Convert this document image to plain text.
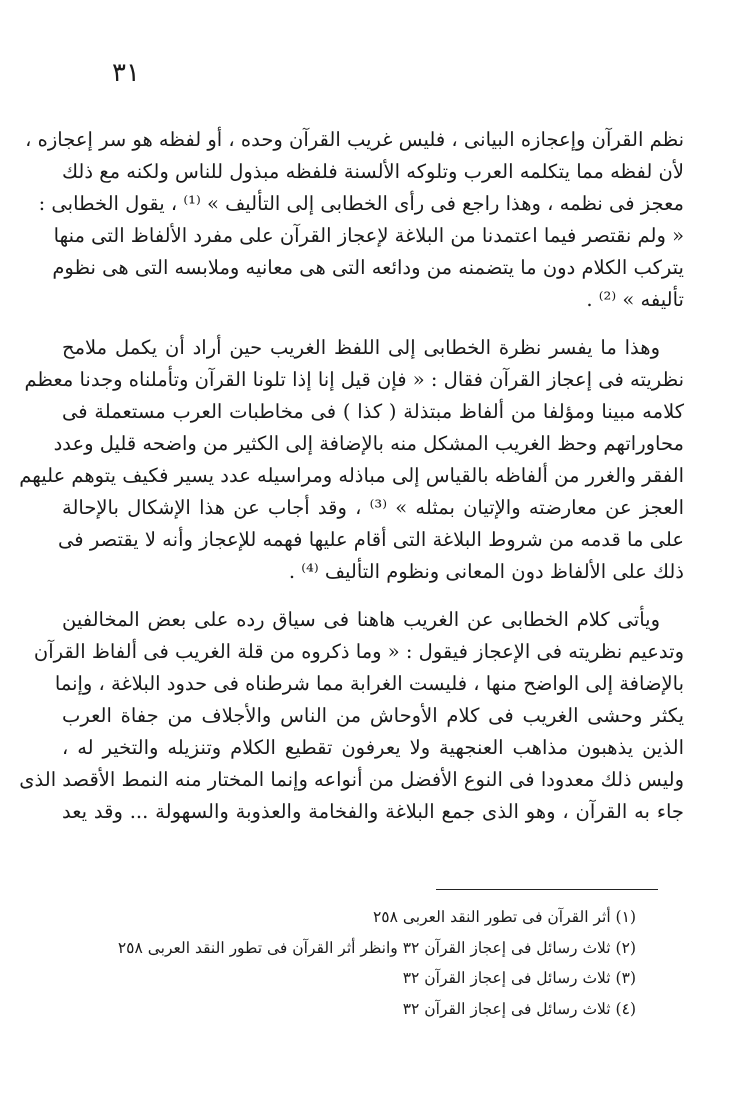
٣١

نظم القرآن وإعجازه البيانى ، فليس غريب القرآن وحده ، أو لفظه هو سر إعجازه ،
لأن لفظه مما يتكلمه العرب وتلوكه الألسنة فلفظه مبذول للناس ولكنه مع ذلك
معجز فى نظمه ، وهذا راجع فى رأى الخطابى إلى التأليف » ⁽¹⁾ ، يقول الخطابى :
« ولم نقتصر فيما اعتمدنا من البلاغة لإعجاز القرآن على مفرد الألفاظ التى منها
يتركب الكلام دون ما يتضمنه من ودائعه التى هى معانيه وملابسه التى هى نظوم
تأليفه » ⁽²⁾ .

وهذا ما يفسر نظرة الخطابى إلى اللفظ الغريب حين أراد أن يكمل ملامح
نظريته فى إعجاز القرآن فقال : « فإن قيل إنا إذا تلونا القرآن وتأملناه وجدنا معظم
كلامه مبينا ومؤلفا من ألفاظ مبتذلة ( كذا ) فى مخاطبات العرب مستعملة فى
محاوراتهم وحظ الغريب المشكل منه بالإضافة إلى الكثير من واضحه قليل وعدد
الفقر والغرر من ألفاظه بالقياس إلى مباذله ومراسيله عدد يسير فكيف يتوهم عليهم
العجز عن معارضته والإتيان بمثله » ⁽³⁾ ، وقد أجاب عن هذا الإشكال بالإحالة
على ما قدمه من شروط البلاغة التى أقام عليها فهمه للإعجاز وأنه لا يقتصر فى
ذلك على الألفاظ دون المعانى ونظوم التأليف ⁽⁴⁾ .

ويأتى كلام الخطابى عن الغريب هاهنا فى سياق رده على بعض المخالفين
وتدعيم نظريته فى الإعجاز فيقول : « وما ذكروه من قلة الغريب فى ألفاظ القرآن
بالإضافة إلى الواضح منها ، فليست الغرابة مما شرطناه فى حدود البلاغة ، وإنما
يكثر وحشى الغريب فى كلام الأوحاش من الناس والأجلاف من جفاة العرب
الذين يذهبون مذاهب العنجهية ولا يعرفون تقطيع الكلام وتنزيله والتخير له ،
وليس ذلك معدودا فى النوع الأفضل من أنواعه وإنما المختار منه النمط الأقصد الذى
جاء به القرآن ، وهو الذى جمع البلاغة والفخامة والعذوبة والسهولة ... وقد يعد

(١) أثر القرآن فى تطور النقد العربى ٢٥٨
(٢) ثلاث رسائل فى إعجاز القرآن ٣٢ وانظر أثر القرآن فى تطور النقد العربى ٢٥٨
(٣) ثلاث رسائل فى إعجاز القرآن ٣٢
(٤) ثلاث رسائل فى إعجاز القرآن ٣٢
